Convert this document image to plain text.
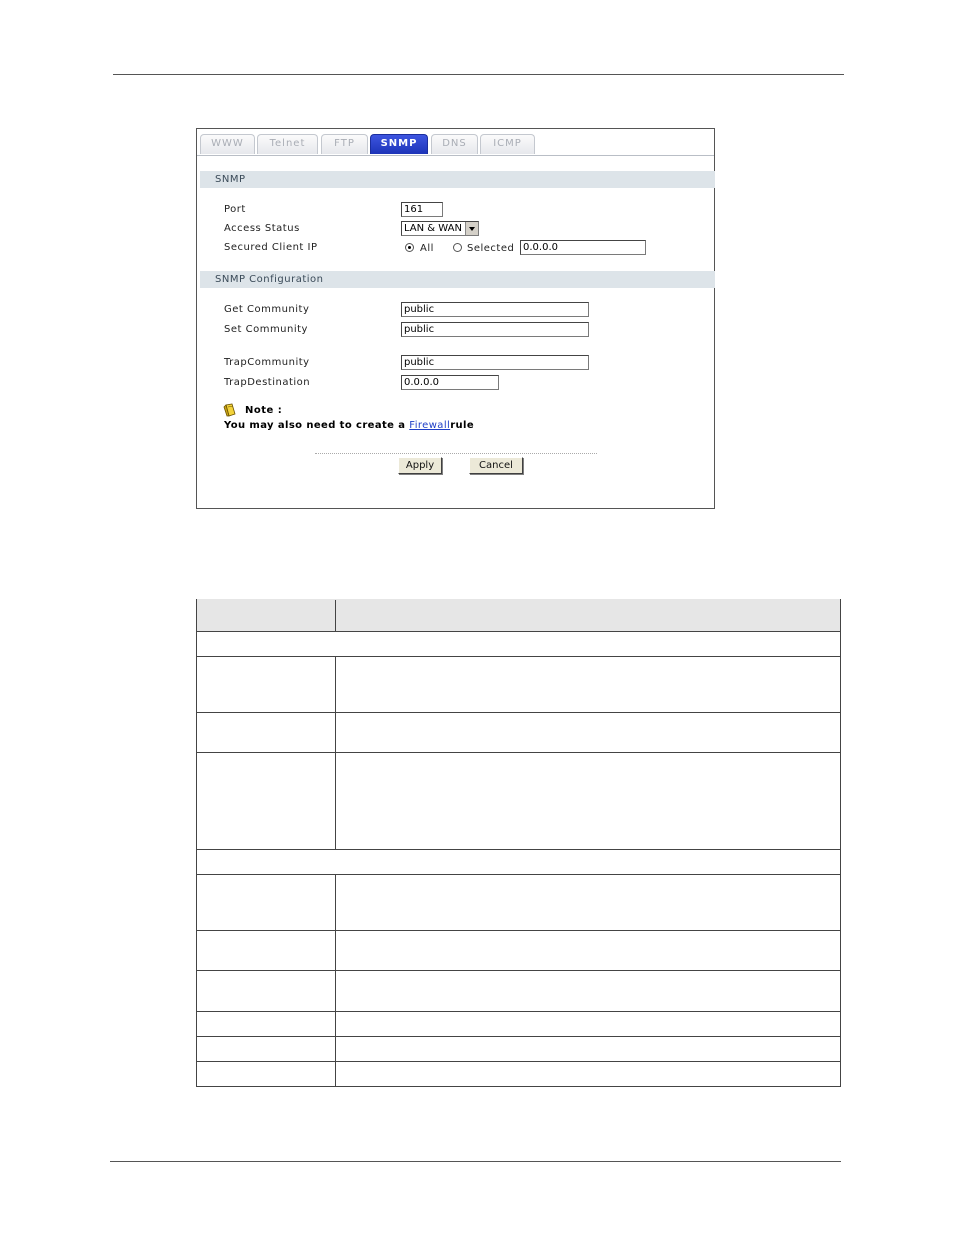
WWW	Telnet	FTP	SNMP	DNS	ICMP
SNMP
Port	161
Access Status	LAN & WAN
Secured Client IP	All	Selected 0.0.0.0
SNMP Configuration
Get Community	public
Set Community	public
TrapCommunity	public
TrapDestination	0.0.0.0
Note :
You may also need to create a Firewallrule
Apply	Cancel
